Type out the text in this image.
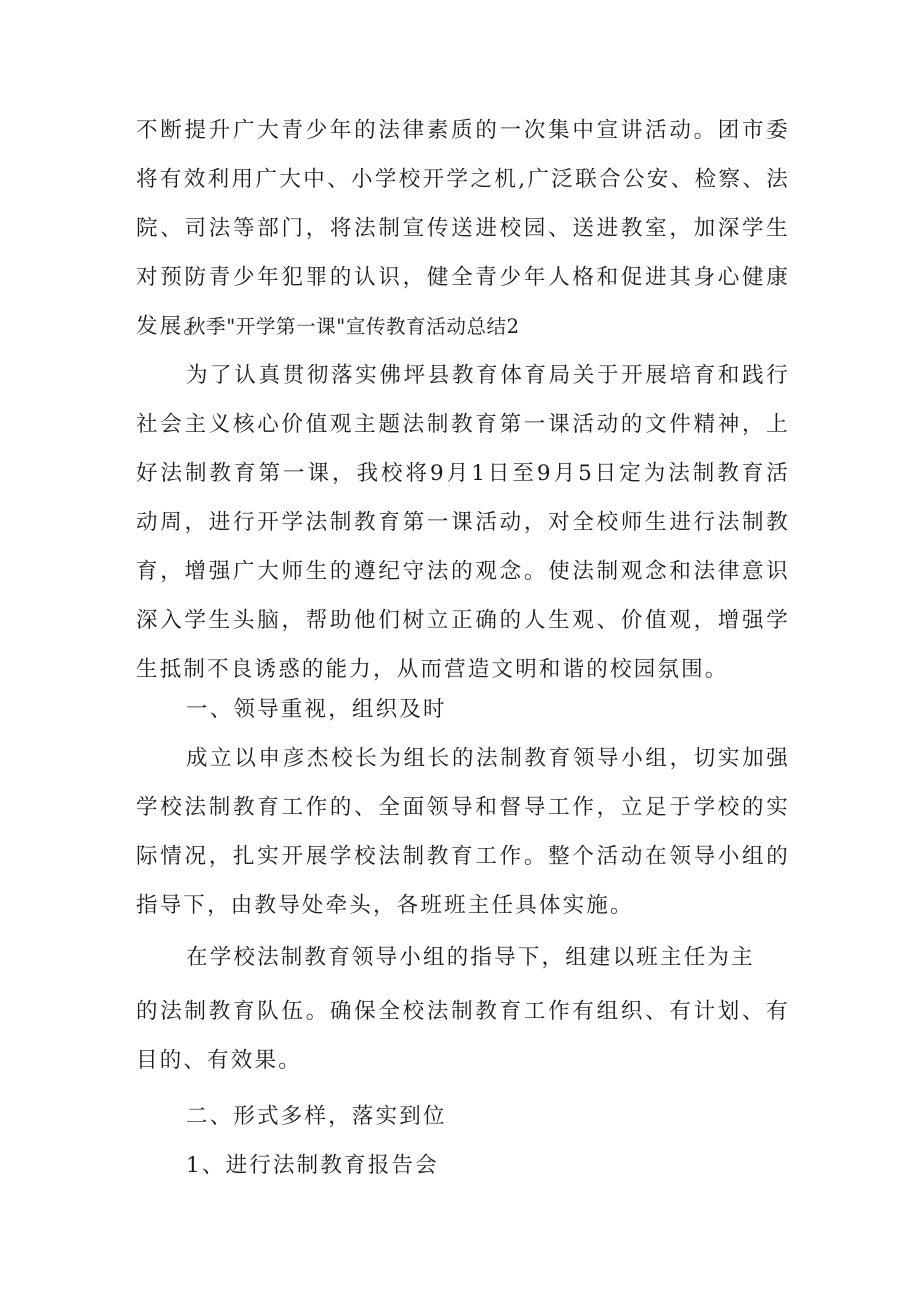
不断提升广大青少年的法律素质的一次集中宣讲活动。团市委将有效利用广大中、小学校开学之机,广泛联合公安、检察、法院、司法等部门，将法制宣传送进校园、送进教室，加深学生对预防青少年犯罪的认识，健全青少年人格和促进其身心健康发展。

秋季"开学第一课"宣传教育活动总结2

为了认真贯彻落实佛坪县教育体育局关于开展培育和践行社会主义核心价值观主题法制教育第一课活动的文件精神，上好法制教育第一课，我校将9月1日至9月5日定为法制教育活动周，进行开学法制教育第一课活动，对全校师生进行法制教育，增强广大师生的遵纪守法的观念。使法制观念和法律意识深入学生头脑，帮助他们树立正确的人生观、价值观，增强学生抵制不良诱惑的能力，从而营造文明和谐的校园氛围。

一、领导重视，组织及时

成立以申彦杰校长为组长的法制教育领导小组，切实加强学校法制教育工作的、全面领导和督导工作，立足于学校的实际情况，扎实开展学校法制教育工作。整个活动在领导小组的指导下，由教导处牵头，各班班主任具体实施。

在学校法制教育领导小组的指导下，组建以班主任为主

的法制教育队伍。确保全校法制教育工作有组织、有计划、有目的、有效果。

二、形式多样，落实到位

1、进行法制教育报告会
